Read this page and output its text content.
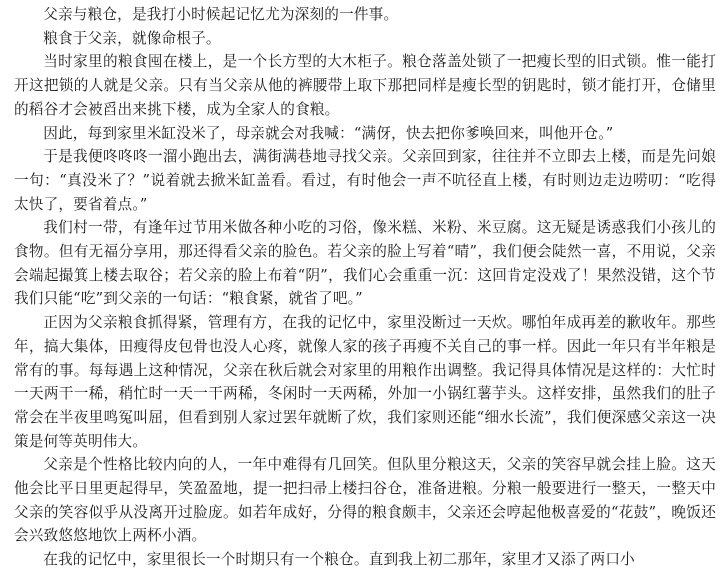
父亲与粮仓，是我打小时候起记忆尤为深刻的一件事。

粮食于父亲，就像命根子。

当时家里的粮食囤在楼上，是一个长方型的大木柜子。粮仓落盖处锁了一把瘦长型的旧式锁。惟一能打开这把锁的人就是父亲。只有当父亲从他的裤腰带上取下那把同样是瘦长型的钥匙时，锁才能打开，仓储里的稻谷才会被舀出来挑下楼，成为全家人的食粮。

因此，每到家里米缸没米了，母亲就会对我喊：“满伢，快去把你爹唤回来，叫他开仓。”

于是我便咚咚咚一溜小跑出去，满街满巷地寻找父亲。父亲回到家，往往并不立即去上楼，而是先问娘一句：“真没米了？”说着就去掀米缸盖看。看过，有时他会一声不吭径直上楼，有时则边走边唠叨：“吃得太快了，要省着点。”

我们村一带，有逢年过节用米做各种小吃的习俗，像米糕、米粉、米豆腐。这无疑是诱惑我们小孩儿的食物。但有无福分享用，那还得看父亲的脸色。若父亲的脸上写着“晴”，我们便会陡然一喜，不用说，父亲会端起撮箕上楼去取谷；若父亲的脸上布着“阴”，我们心会重重一沉：这回肯定没戏了！果然没错，这个节我们只能“吃”到父亲的一句话：“粮食紧，就省了吧。”

正因为父亲粮食抓得紧，管理有方，在我的记忆中，家里没断过一天炊。哪怕年成再差的歉收年。那些年，搞大集体，田瘦得皮包骨也没人心疼，就像人家的孩子再瘦不关自己的事一样。因此一年只有半年粮是常有的事。每每遇上这种情况，父亲在秋后就会对家里的用粮作出调整。我记得具体情况是这样的：大忙时一天两干一稀，稍忙时一天一干两稀，冬闲时一天两稀，外加一小锅红薯芋头。这样安排，虽然我们的肚子常会在半夜里鸣冤叫屈，但看到别人家过罢年就断了炊，我们家则还能“细水长流”，我们便深感父亲这一决策是何等英明伟大。

父亲是个性格比较内向的人，一年中难得有几回笑。但队里分粮这天，父亲的笑容早就会挂上脸。这天他会比平日里更起得早，笑盈盈地，提一把扫帚上楼扫谷仓，准备进粮。分粮一般要进行一整天，一整天中父亲的笑容似乎从没离开过脸庞。如若年成好，分得的粮食颇丰，父亲还会哼起他极喜爱的“花鼓”，晚饭还会兴致悠悠地饮上两杯小酒。

在我的记忆中，家里很长一个时期只有一个粮仓。直到我上初二那年，家里才又添了两口小
